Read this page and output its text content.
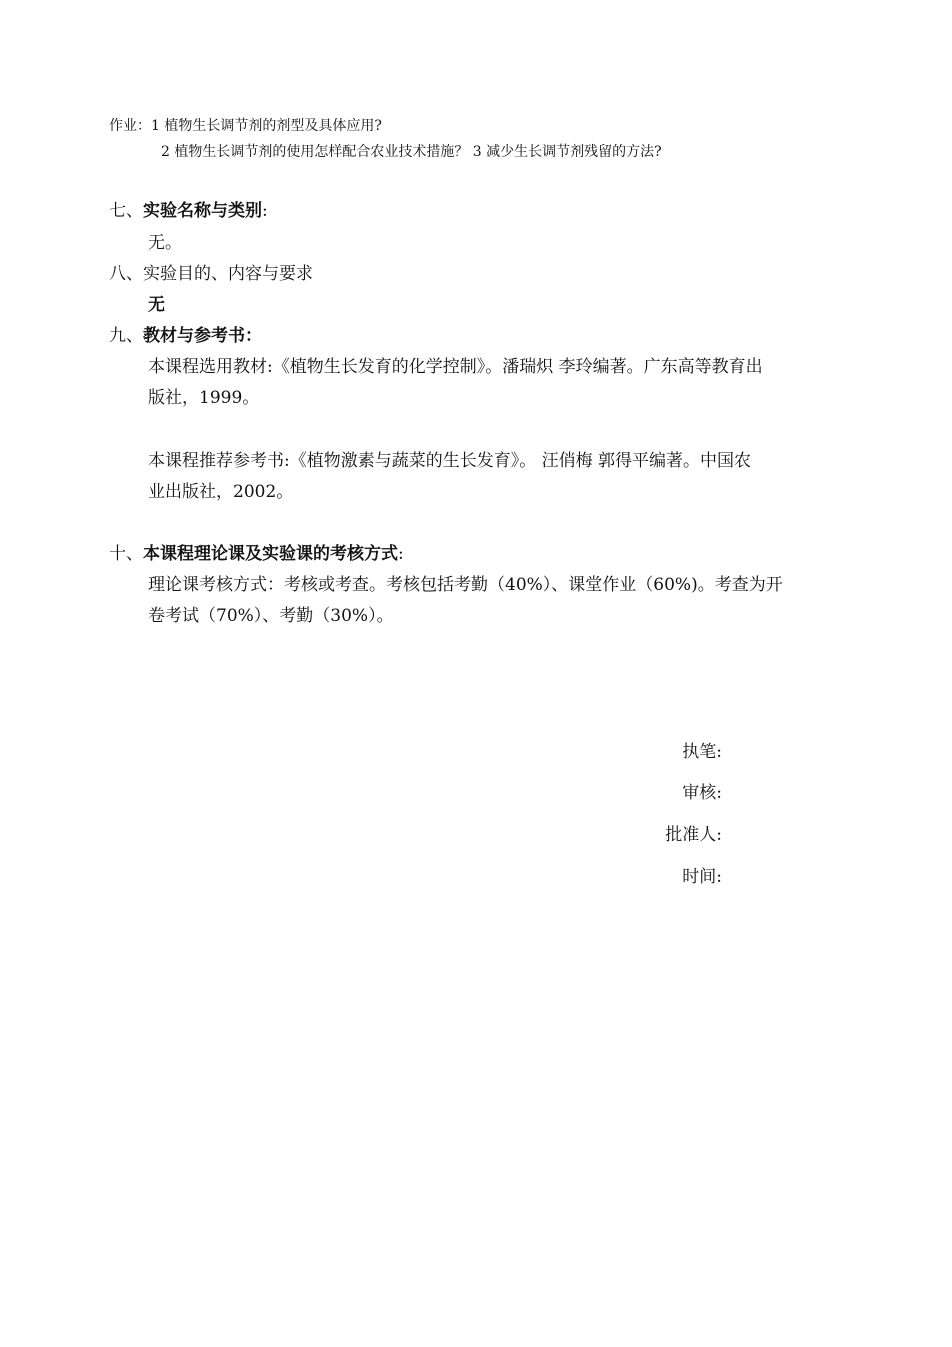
作业：1 植物生长调节剂的剂型及具体应用?
2 植物生长调节剂的使用怎样配合农业技术措施？ 3 减少生长调节剂残留的方法?
七、实验名称与类别:
无。
八、实验目的、内容与要求
无
九、教材与参考书：
本课程选用教材:《植物生长发育的化学控制》。潘瑞炽 李玲编著。广东高等教育出
版社，1999。
本课程推荐参考书:《植物激素与蔬菜的生长发育》。 汪俏梅 郭得平编著。中国农
业出版社，2002。
十、本课程理论课及实验课的考核方式:
理论课考核方式：考核或考查。考核包括考勤（40%）、课堂作业（60%)。考查为开
卷考试（70%）、考勤（30%）。
执笔:
审核:
批准人:
时间:
